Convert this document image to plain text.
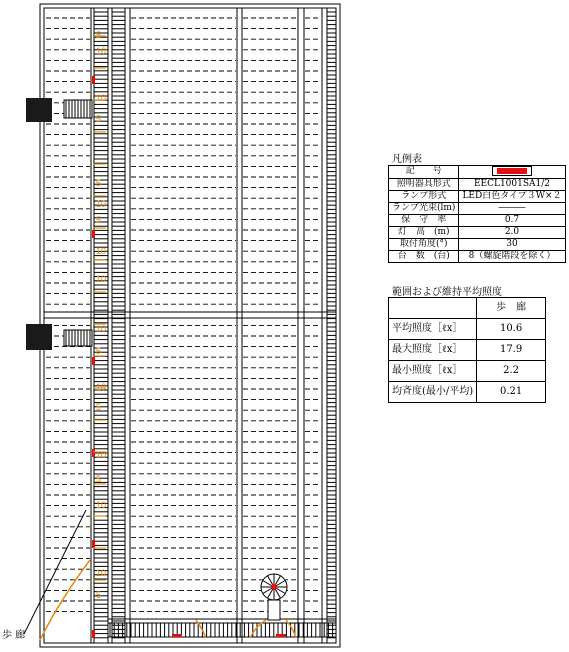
5
10
10
5
5
10
5
10
10
10
5
10
5
10
5
10
10
5
凡例表
記　　号	

照明器具形式	EECL1001SA1/2
ランプ形式	LED白色タイプ３W×２
ランプ光束(lm)	―――
保　守　率	0.7
灯　高　(m)	2.0
取付角度(°)	30
台　数　(台)	8（螺旋階段を除く）
範囲および維持平均照度
	歩　廊
平均照度［ℓx］	10.6
最大照度［ℓx］	17.9
最小照度［ℓx］	2.2
均斉度(最小/平均)	0.21
歩 廊
